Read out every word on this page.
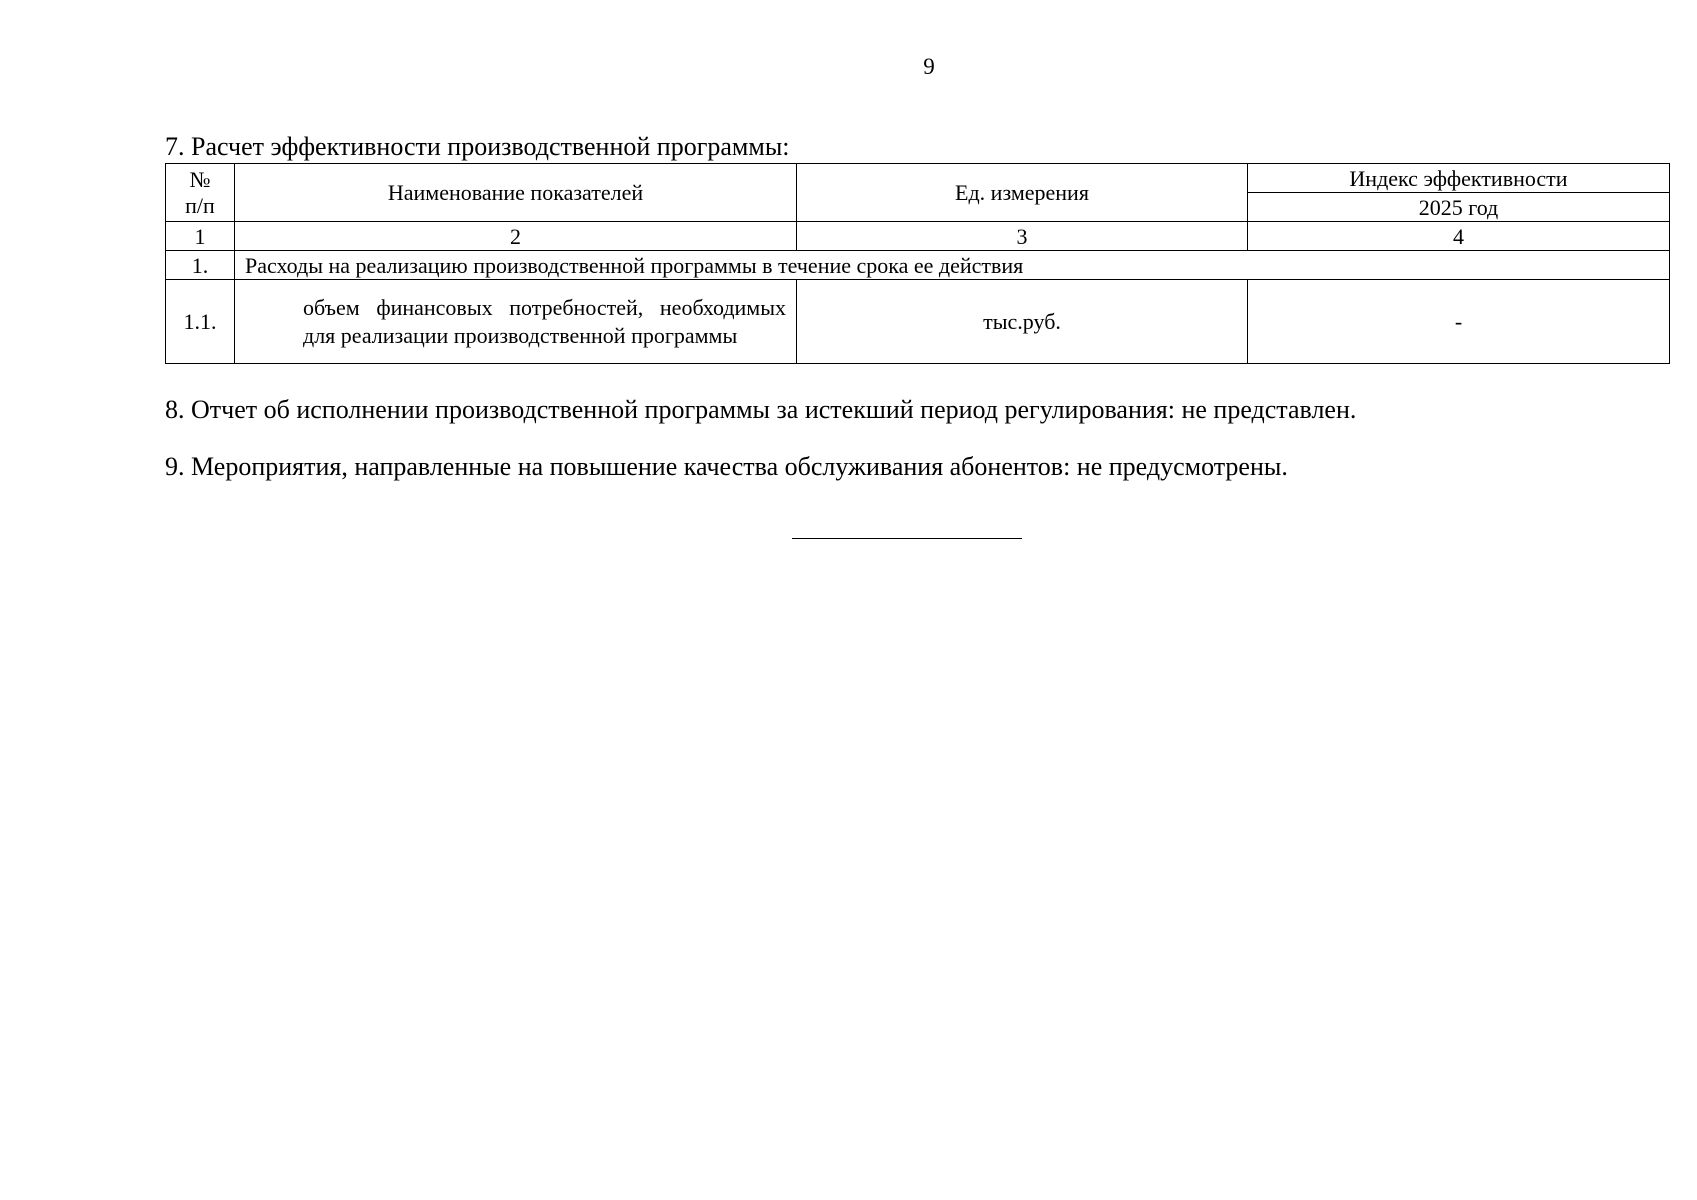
9
7. Расчет эффективности производственной программы:
№
п/п	Наименование показателей	Ед. измерения	Индекс эффективности
			2025 год
1	2	3	4
1.	Расходы на реализацию производственной программы в течение срока ее действия		
1.1.	объем финансовых потребностей, необходимых для реализации производственной программы	тыс.руб.	-
8. Отчет об исполнении производственной программы за истекший период регулирования: не представлен.
9. Мероприятия, направленные на повышение качества обслуживания абонентов: не предусмотрены.
